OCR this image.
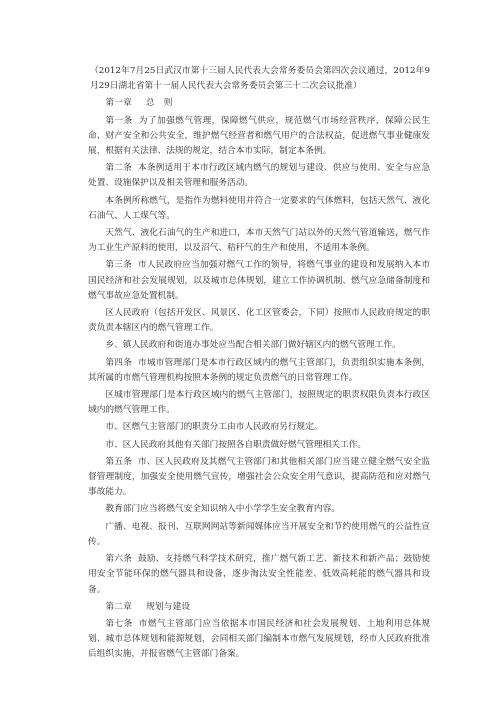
（2012年7月25日武汉市第十三届人民代表大会常务委员会第四次会议通过，2012年9月29日湖北省第十一届人民代表大会常务委员会第三十二次会议批准）
第一章 总　则
第一条 为了加强燃气管理，保障燃气供应，规范燃气市场经营秩序，保障公民生命、财产安全和公共安全，维护燃气经营者和燃气用户的合法权益，促进燃气事业健康发展，根据有关法律、法规的规定，结合本市实际，制定本条例。
第二条 本条例适用于本市行政区域内燃气的规划与建设、供应与使用、安全与应急处置、设施保护以及相关管理和服务活动。
本条例所称燃气，是指作为燃料使用并符合一定要求的气体燃料，包括天然气、液化石油气、人工煤气等。
天然气、液化石油气的生产和进口，本市天然气门站以外的天然气管道输送，燃气作为工业生产原料的使用，以及沼气、秸秆气的生产和使用，不适用本条例。
第三条 市人民政府应当加强对燃气工作的领导，将燃气事业的建设和发展纳入本市国民经济和社会发展规划，以及城市总体规划，建立工作协调机制、燃气应急储备制度和燃气事故应急处置机制。
区人民政府（包括开发区、风景区、化工区管委会，下同）按照市人民政府规定的职责负责本辖区内的燃气管理工作。
乡、镇人民政府和街道办事处应当配合相关部门做好辖区内的燃气管理工作。
第四条 市城市管理部门是本市行政区域内的燃气主管部门，负责组织实施本条例，其所属的市燃气管理机构按照本条例的规定负责燃气的日常管理工作。
区城市管理部门是本行政区域内的燃气主管部门，按照规定的职责权限负责本行政区域内的燃气管理工作。
市、区燃气主管部门的职责分工由市人民政府另行规定。
市、区人民政府其他有关部门按照各自职责做好燃气管理相关工作。
第五条 市、区人民政府及其燃气主管部门和其他相关部门应当建立健全燃气安全监督管理制度，加强安全使用燃气宣传，增强社会公众安全用气意识，提高防范和应对燃气事故能力。
教育部门应当将燃气安全知识纳入中小学学生安全教育内容。
广播、电视、报刊、互联网网站等新闻媒体应当开展安全和节约使用燃气的公益性宣传。
第六条 鼓励、支持燃气科学技术研究，推广燃气新工艺、新技术和新产品；鼓励使用安全节能环保的燃气器具和设备，逐步淘汰安全性能差、低效高耗能的燃气器具和设备。
第二章 规划与建设
第七条 市燃气主管部门应当依据本市国民经济和社会发展规划、土地利用总体规划、城市总体规划和能源规划，会同相关部门编制本市燃气发展规划，经市人民政府批准后组织实施，并报省燃气主管部门备案。
